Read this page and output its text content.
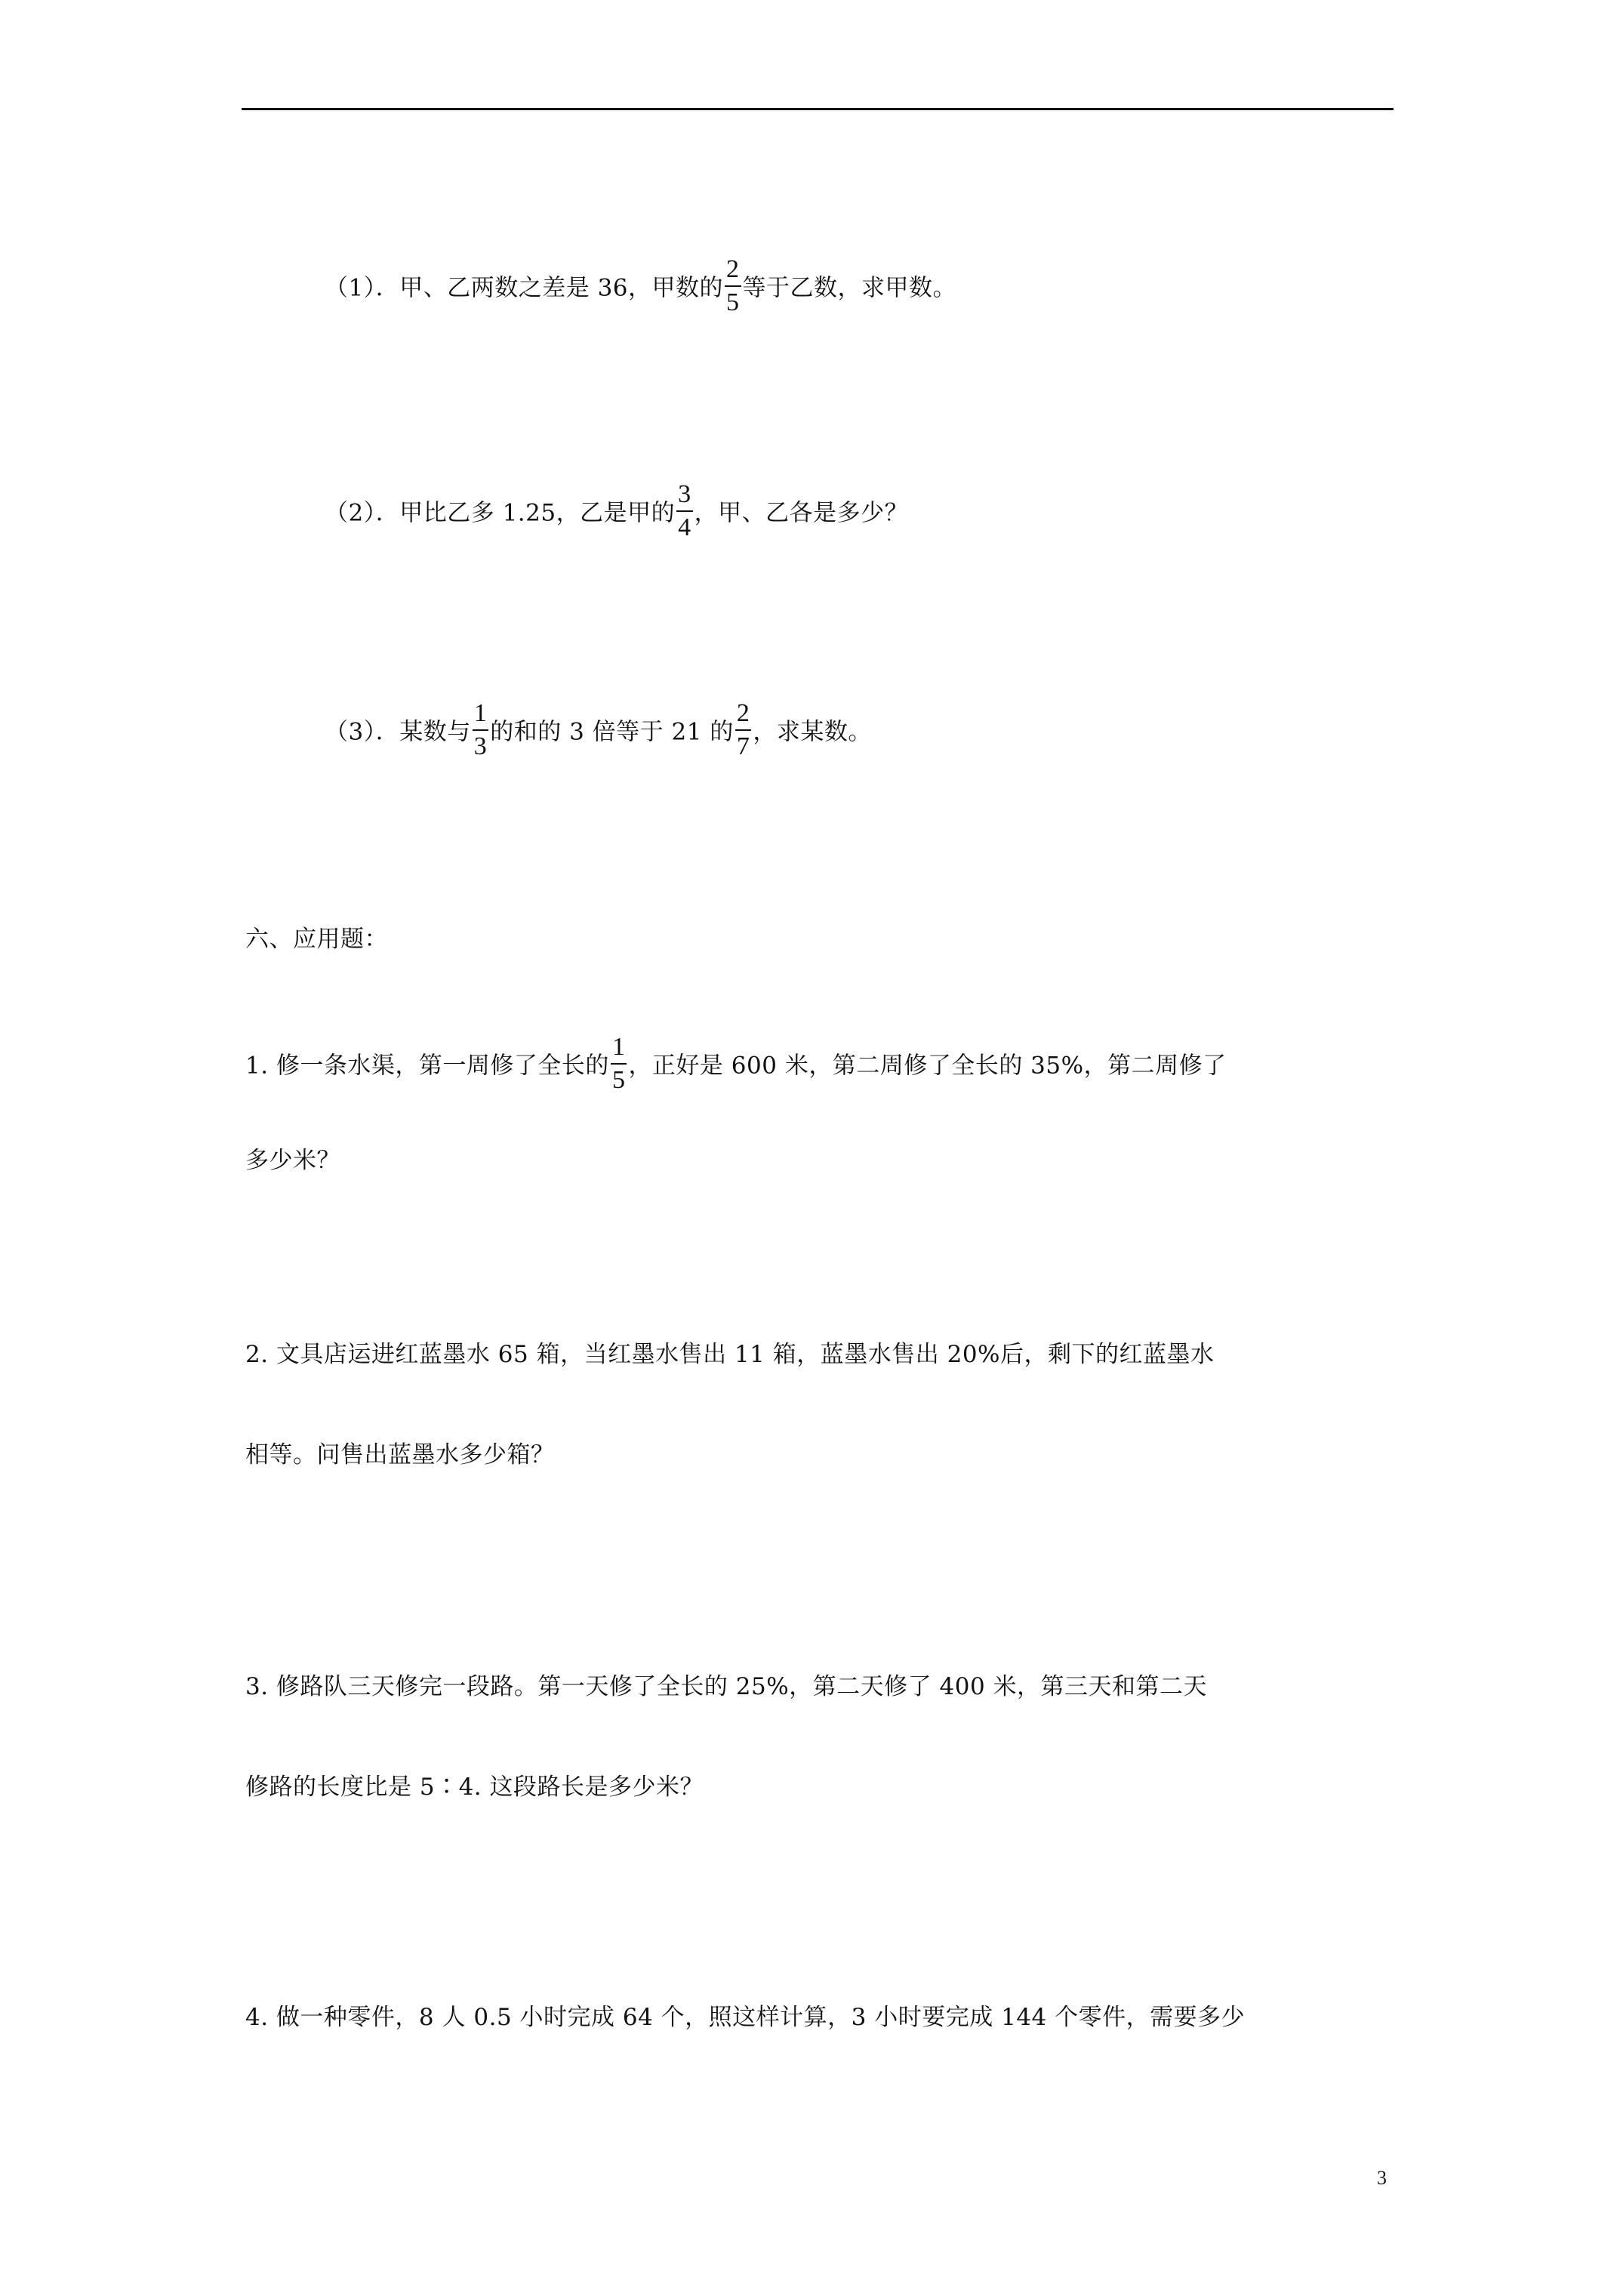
（1）．甲、乙两数之差是 36，甲数的 $\frac{2}{5}$ 等于乙数，求甲数。
（2）．甲比乙多 1.25，乙是甲的 $\frac{3}{4}$ ，甲、乙各是多少？
（3）．某数与 $\frac{1}{3}$ 的和的 3 倍等于 21 的 $\frac{2}{7}$ ，求某数。
六、应用题：
1. 修一条水渠，第一周修了全长的 $\frac{1}{5}$ ，正好是 600 米，第二周修了全长的 35%，第二周修了
多少米？
2. 文具店运进红蓝墨水 65 箱，当红墨水售出 11 箱，蓝墨水售出 20%后，剩下的红蓝墨水
相等。问售出蓝墨水多少箱？
3. 修路队三天修完一段路。第一天修了全长的 25%，第二天修了 400 米，第三天和第二天
修路的长度比是 5∶4. 这段路长是多少米？
4. 做一种零件，8 人 0.5 小时完成 64 个，照这样计算，3 小时要完成 144 个零件，需要多少
3
